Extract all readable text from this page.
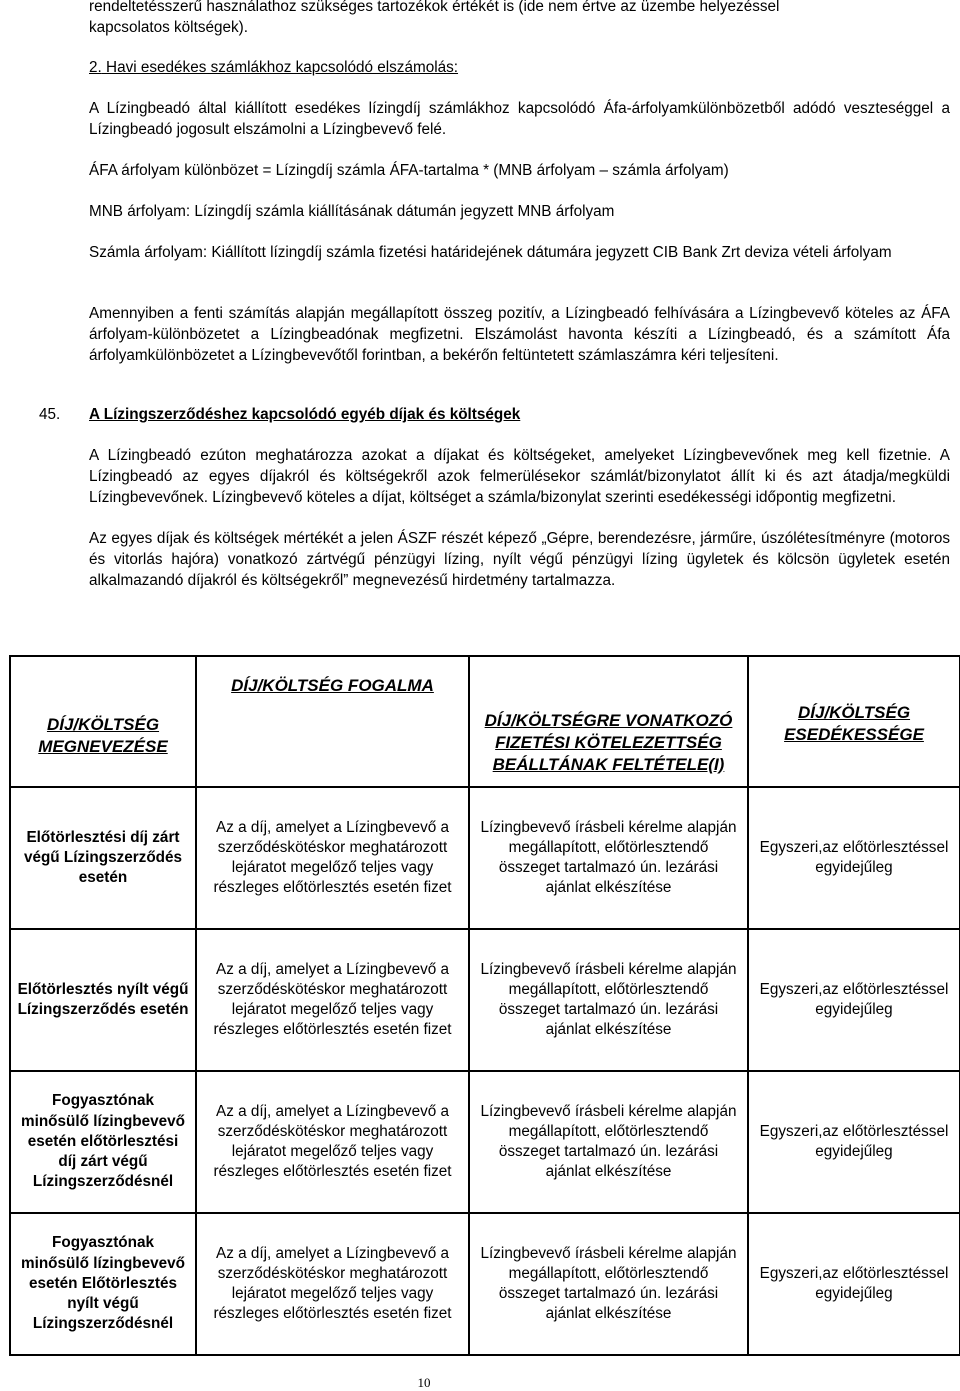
rendeltetésszerű használathoz szükséges tartozékok értékét is (ide nem értve az üzembe helyezéssel

kapcsolatos költségek).

2. Havi esedékes számlákhoz kapcsolódó elszámolás:

A Lízingbeadó által kiállított esedékes lízingdíj számlákhoz kapcsolódó Áfa-árfolyamkülönbözetből adódó veszteséggel a Lízingbeadó jogosult elszámolni a Lízingbevevő felé.

ÁFA árfolyam különbözet = Lízingdíj számla ÁFA-tartalma * (MNB árfolyam – számla árfolyam)

MNB árfolyam: Lízingdíj számla kiállításának dátumán jegyzett MNB árfolyam

Számla árfolyam: Kiállított lízingdíj számla fizetési határidejének dátumára jegyzett CIB Bank Zrt deviza vételi árfolyam

Amennyiben a fenti számítás alapján megállapított összeg pozitív, a Lízingbeadó felhívására a Lízingbevevő köteles az ÁFA árfolyam-különbözetet a Lízingbeadónak megfizetni. Elszámolást havonta készíti a Lízingbeadó, és a számított Áfa árfolyamkülönbözetet a Lízingbevevőtől forintban, a bekérőn feltüntetett számlaszámra kéri teljesíteni.

45. A Lízingszerződéshez kapcsolódó egyéb díjak és költségek

A Lízingbeadó ezúton meghatározza azokat a díjakat és költségeket, amelyeket Lízingbevevőnek meg kell fizetnie. A Lízingbeadó az egyes díjakról és költségekről azok felmerülésekor számlát/bizonylatot állít ki és azt átadja/megküldi Lízingbevevőnek. Lízingbevevő köteles a díjat, költséget a számla/bizonylat szerinti esedékességi időpontig megfizetni.

Az egyes díjak és költségek mértékét a jelen ÁSZF részét képező „Gépre, berendezésre, járműre, úszólétesítményre (motoros és vitorlás hajóra) vonatkozó zártvégű pénzügyi lízing, nyílt végű pénzügyi lízing ügyletek és kölcsön ügyletek esetén alkalmazandó díjakról és költségekről” megnevezésű hirdetmény tartalmazza.

DÍJ/KÖLTSÉG MEGNEVEZÉSE	DÍJ/KÖLTSÉG FOGALMA	DÍJ/KÖLTSÉGRE VONATKOZÓ FIZETÉSI KÖTELEZETTSÉG BEÁLLTÁNAK FELTÉTELE(I)	DÍJ/KÖLTSÉG ESEDÉKESSÉGE
Előtörlesztési díj zárt végű Lízingszerződés esetén	Az a díj, amelyet a Lízingbevevő a szerződéskötéskor meghatározott lejáratot megelőző teljes vagy részleges előtörlesztés esetén fizet	Lízingbevevő írásbeli kérelme alapján megállapított, előtörlesztendő összeget tartalmazó ún. lezárási ajánlat elkészítése	Egyszeri,az előtörlesztéssel egyidejűleg
Előtörlesztés nyílt végű Lízingszerződés esetén	Az a díj, amelyet a Lízingbevevő a szerződéskötéskor meghatározott lejáratot megelőző teljes vagy részleges előtörlesztés esetén fizet	Lízingbevevő írásbeli kérelme alapján megállapított, előtörlesztendő összeget tartalmazó ún. lezárási ajánlat elkészítése	Egyszeri,az előtörlesztéssel egyidejűleg
Fogyasztónak minősülő lízingbevevő esetén előtörlesztési díj zárt végű Lízingszerződésnél	Az a díj, amelyet a Lízingbevevő a szerződéskötéskor meghatározott lejáratot megelőző teljes vagy részleges előtörlesztés esetén fizet	Lízingbevevő írásbeli kérelme alapján megállapított, előtörlesztendő összeget tartalmazó ún. lezárási ajánlat elkészítése	Egyszeri,az előtörlesztéssel egyidejűleg
Fogyasztónak minősülő lízingbevevő esetén Előtörlesztés nyílt végű Lízingszerződésnél	Az a díj, amelyet a Lízingbevevő a szerződéskötéskor meghatározott lejáratot megelőző teljes vagy részleges előtörlesztés esetén fizet	Lízingbevevő írásbeli kérelme alapján megállapított, előtörlesztendő összeget tartalmazó ún. lezárási ajánlat elkészítése	Egyszeri,az előtörlesztéssel egyidejűleg
10
